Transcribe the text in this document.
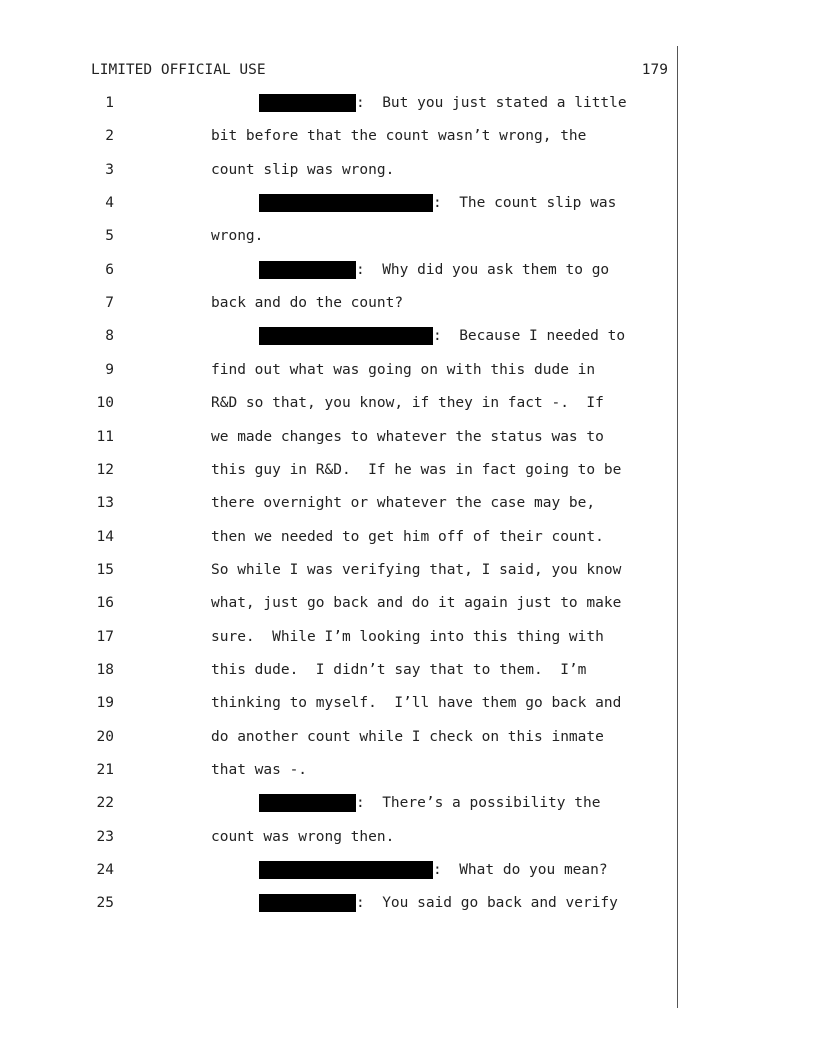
LIMITED OFFICIAL USE	179
1	:  But you just stated a little
2	bit before that the count wasn’t wrong, the
3	count slip was wrong.
4	:  The count slip was
5	wrong.
6	:  Why did you ask them to go
7	back and do the count?
8	:  Because I needed to
9	find out what was going on with this dude in
10	R&D so that, you know, if they in fact -.  If
11	we made changes to whatever the status was to
12	this guy in R&D.  If he was in fact going to be
13	there overnight or whatever the case may be,
14	then we needed to get him off of their count.
15	So while I was verifying that, I said, you know
16	what, just go back and do it again just to make
17	sure.  While I’m looking into this thing with
18	this dude.  I didn’t say that to them.  I’m
19	thinking to myself.  I’ll have them go back and
20	do another count while I check on this inmate
21	that was -.
22	:  There’s a possibility the
23	count was wrong then.
24	:  What do you mean?
25	:  You said go back and verify
